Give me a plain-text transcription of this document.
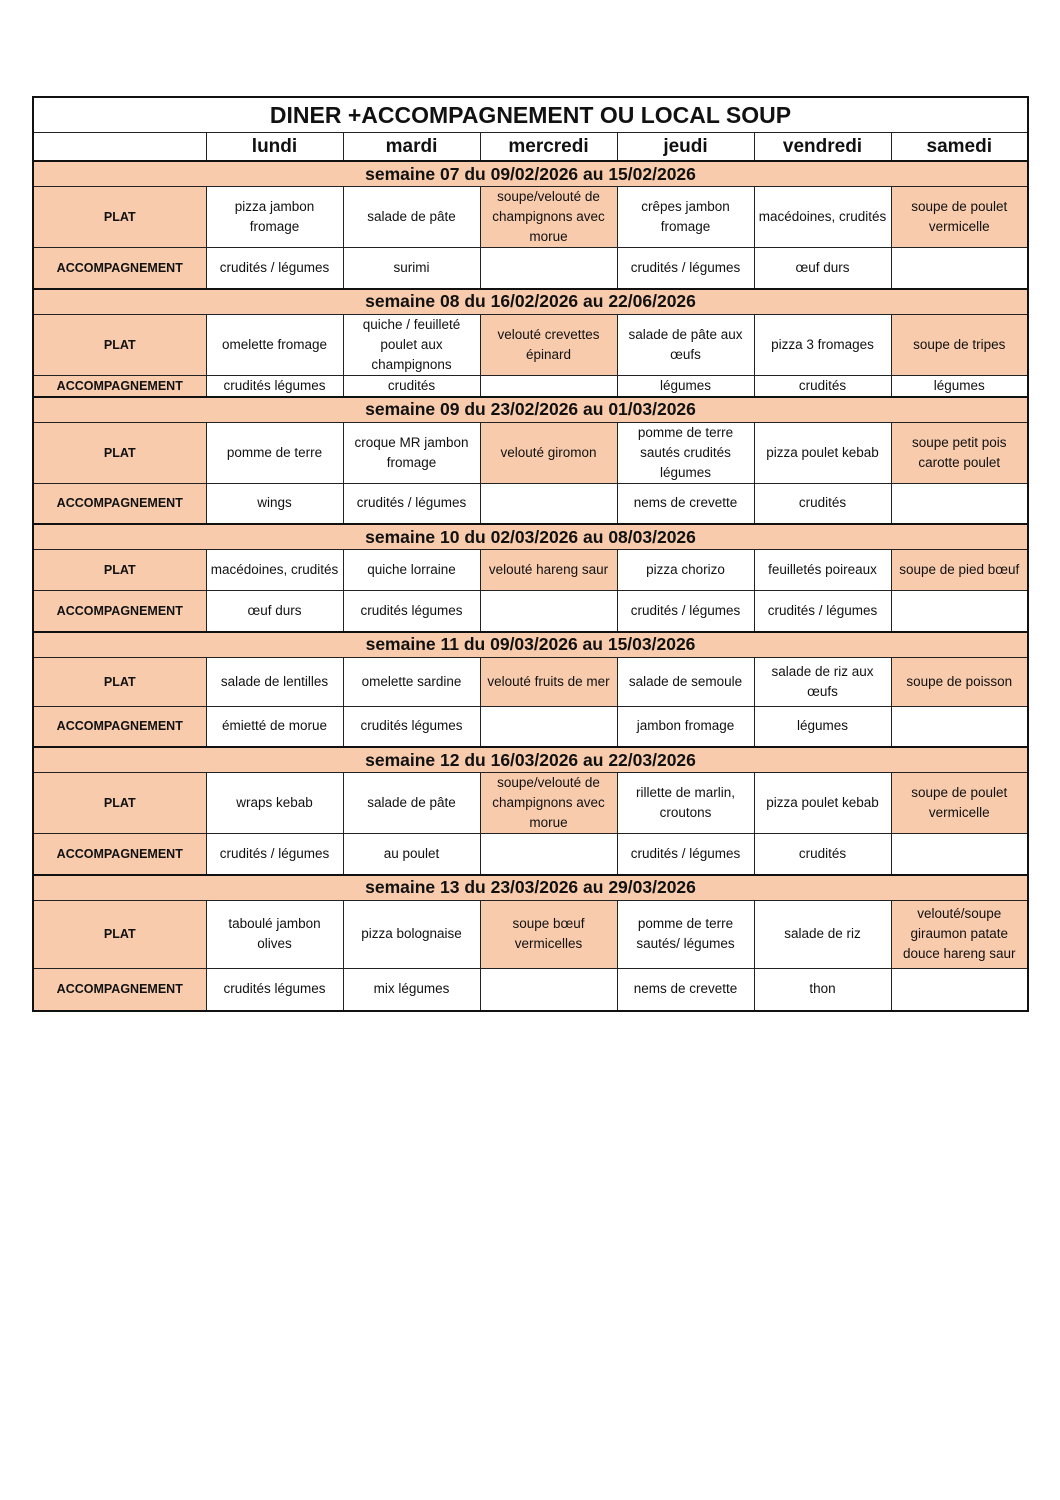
DINER +ACCOMPAGNEMENT OU LOCAL SOUP						
	lundi	mardi	mercredi	jeudi	vendredi	samedi
semaine 07 du 09/02/2026 au 15/02/2026						
PLAT	pizza jambon fromage	salade de pâte	soupe/velouté de champignons avec morue	crêpes jambon fromage	macédoines, crudités	soupe de poulet vermicelle
ACCOMPAGNEMENT	crudités / légumes	surimi		crudités / légumes	œuf durs	
semaine 08 du 16/02/2026 au 22/06/2026						
PLAT	omelette fromage	quiche / feuilleté poulet aux champignons	velouté crevettes épinard	salade de pâte aux œufs	pizza 3 fromages	soupe de tripes
ACCOMPAGNEMENT	crudités légumes	crudités		légumes	crudités	légumes
semaine 09 du 23/02/2026 au 01/03/2026						
PLAT	pomme de terre	croque MR jambon fromage	velouté giromon	pomme de terre sautés crudités légumes	pizza poulet kebab	soupe petit pois carotte poulet
ACCOMPAGNEMENT	wings	crudités / légumes		nems de crevette	crudités	
semaine 10 du 02/03/2026 au 08/03/2026						
PLAT	macédoines, crudités	quiche lorraine	velouté hareng saur	pizza chorizo	feuilletés poireaux	soupe de pied bœuf
ACCOMPAGNEMENT	œuf durs	crudités légumes		crudités / légumes	crudités / légumes	
semaine 11 du 09/03/2026 au 15/03/2026						
PLAT	salade de lentilles	omelette sardine	velouté fruits de mer	salade de semoule	salade de riz aux œufs	soupe de poisson
ACCOMPAGNEMENT	émietté de morue	crudités légumes		jambon fromage	légumes	
semaine 12 du 16/03/2026 au 22/03/2026						
PLAT	wraps kebab	salade de pâte	soupe/velouté de champignons avec morue	rillette de marlin, croutons	pizza poulet kebab	soupe de poulet vermicelle
ACCOMPAGNEMENT	crudités / légumes	au poulet		crudités / légumes	crudités	
semaine 13 du 23/03/2026 au 29/03/2026						
PLAT	taboulé jambon olives	pizza bolognaise	soupe bœuf vermicelles	pomme de terre sautés/ légumes	salade de riz	velouté/soupe giraumon patate douce hareng saur
ACCOMPAGNEMENT	crudités légumes	mix légumes		nems de crevette	thon	
